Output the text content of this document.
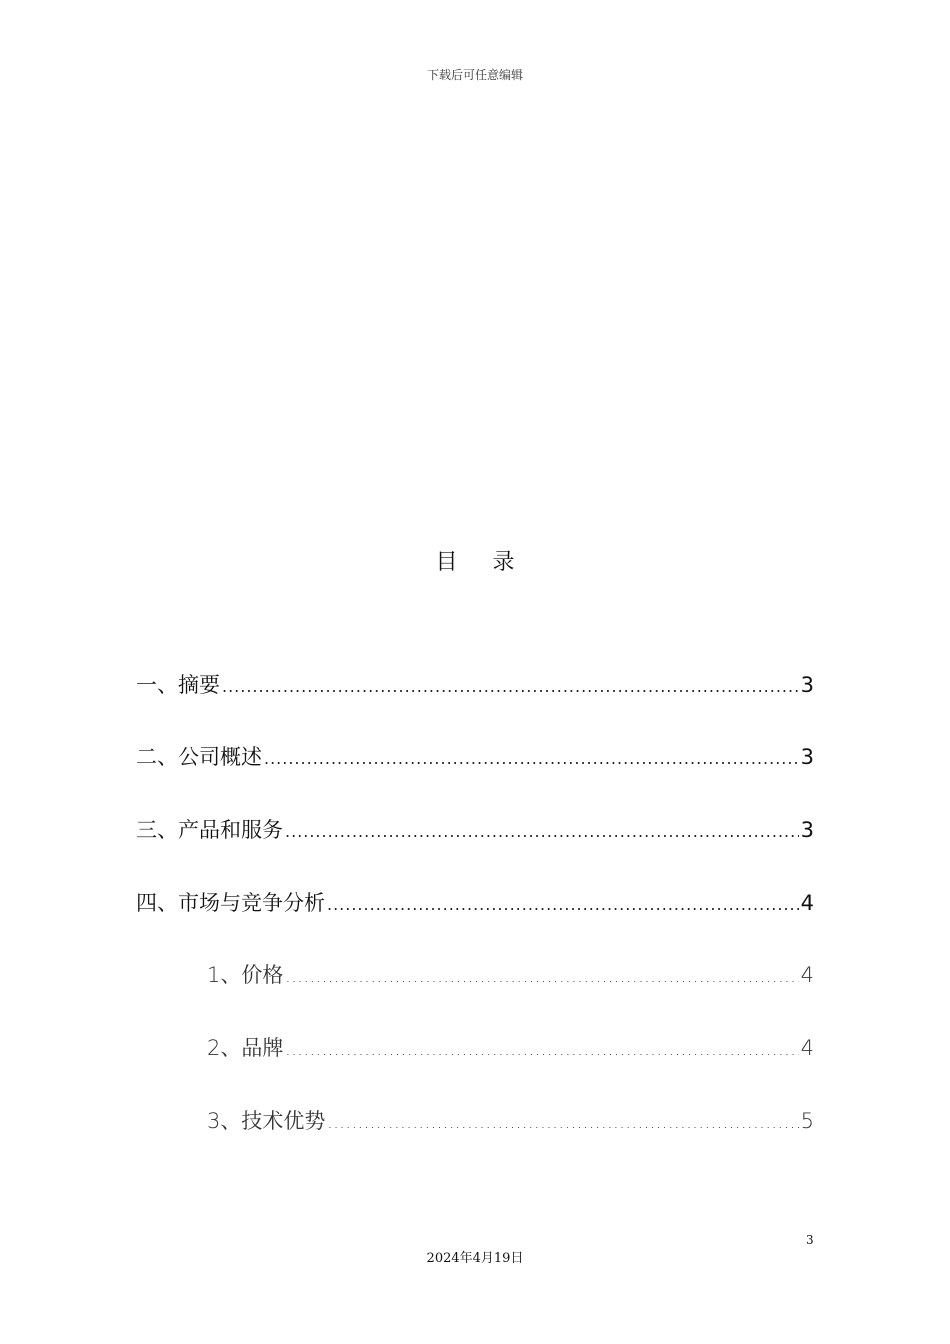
下载后可任意编辑
目 录
一、摘要 .....	3
二、公司概述 .....	3
三、产品和服务 .....	3
四、市场与竞争分析 .....	4
1、价格 .....	4
2、品牌 .....	4
3、技术优势 .....	5
3
2024年4月19日
